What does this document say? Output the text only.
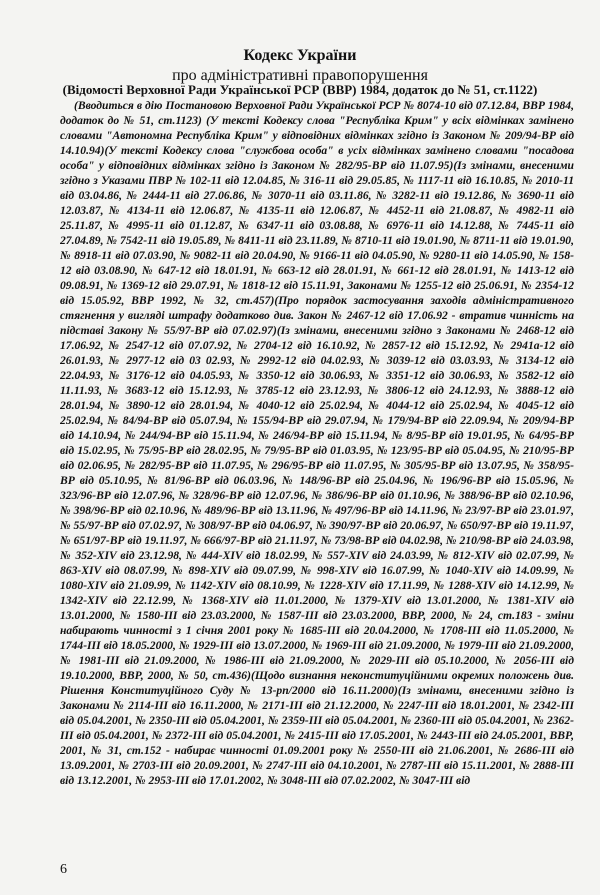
Кодекс України
про адміністративні правопорушення
(Відомості Верховної Ради Української РСР (ВВР) 1984, додаток до № 51, ст.1122)
(Вводиться в дію Постановою Верховної Ради Української РСР № 8074-10 від 07.12.84, ВВР 1984, додаток до № 51, ст.1123) (У тексті Кодексу слова "Республіка Крим" у всіх відмінках замінено словами "Автономна Республіка Крим" у відповідних відмінках згідно із Законом № 209/94-ВР від 14.10.94)(У тексті Кодексу слова "службова особа" в усіх відмінках замінено словами "посадова особа" у відповідних відмінках згідно із Законом № 282/95-ВР від 11.07.95)(Із змінами, внесеними згідно з Указами ПВР № 102-11 від 12.04.85, № 316-11 від 29.05.85, № 1117-11 від 16.10.85, № 2010-11 від 03.04.86, № 2444-11 від 27.06.86, № 3070-11 від 03.11.86, № 3282-11 від 19.12.86, № 3690-11 від 12.03.87, № 4134-11 від 12.06.87, № 4135-11 від 12.06.87, № 4452-11 від 21.08.87, № 4982-11 від 25.11.87, № 4995-11 від 01.12.87, № 6347-11 від 03.08.88, № 6976-11 від 14.12.88, № 7445-11 від 27.04.89, № 7542-11 від 19.05.89, № 8411-11 від 23.11.89, № 8710-11 від 19.01.90, № 8711-11 від 19.01.90, № 8918-11 від 07.03.90, № 9082-11 від 20.04.90, № 9166-11 від 04.05.90, № 9280-11 від 14.05.90, № 158-12 від 03.08.90, № 647-12 від 18.01.91, № 663-12 від 28.01.91, № 661-12 від 28.01.91, № 1413-12 від 09.08.91, № 1369-12 від 29.07.91, № 1818-12 від 15.11.91, Законами № 1255-12 від 25.06.91, № 2354-12 від 15.05.92, ВВР 1992, № 32, ст.457)(Про порядок застосування заходів адміністративного стягнення у вигляді штрафу додатково див. Закон № 2467-12 від 17.06.92 - втратив чинність на підставі Закону № 55/97-ВР від 07.02.97)(Із змінами, внесеними згідно з Законами № 2468-12 від 17.06.92, № 2547-12 від 07.07.92, № 2704-12 від 16.10.92, № 2857-12 від 15.12.92, № 2941а-12 від 26.01.93, № 2977-12 від 03 02.93, № 2992-12 від 04.02.93, № 3039-12 від 03.03.93, № 3134-12 від 22.04.93, № 3176-12 від 04.05.93, № 3350-12 від 30.06.93, № 3351-12 від 30.06.93, № 3582-12 від 11.11.93, № 3683-12 від 15.12.93, № 3785-12 від 23.12.93, № 3806-12 від 24.12.93, № 3888-12 від 28.01.94, № 3890-12 від 28.01.94, № 4040-12 від 25.02.94, № 4044-12 від 25.02.94, № 4045-12 від 25.02.94, № 84/94-ВР від 05.07.94, № 155/94-ВР від 29.07.94, № 179/94-ВР від 22.09.94, № 209/94-ВР від 14.10.94, № 244/94-ВР від 15.11.94, № 246/94-ВР від 15.11.94, № 8/95-ВР від 19.01.95, № 64/95-ВР від 15.02.95, № 75/95-ВР від 28.02.95, № 79/95-ВР від 01.03.95, № 123/95-ВР від 05.04.95, № 210/95-ВР від 02.06.95, № 282/95-ВР від 11.07.95, № 296/95-ВР від 11.07.95, № 305/95-ВР від 13.07.95, № 358/95-ВР від 05.10.95, № 81/96-ВР від 06.03.96, № 148/96-ВР від 25.04.96, № 196/96-ВР від 15.05.96, № 323/96-ВР від 12.07.96, № 328/96-ВР від 12.07.96, № 386/96-ВР від 01.10.96, № 388/96-ВР від 02.10.96, № 398/96-ВР від 02.10.96, № 489/96-ВР від 13.11.96, № 497/96-ВР від 14.11.96, № 23/97-ВР від 23.01.97, № 55/97-ВР від 07.02.97, № 308/97-ВР від 04.06.97, № 390/97-ВР від 20.06.97, № 650/97-ВР від 19.11.97, № 651/97-ВР від 19.11.97, № 666/97-ВР від 21.11.97, № 73/98-ВР від 04.02.98, № 210/98-ВР від 24.03.98, № 352-XIV від 23.12.98, № 444-XIV від 18.02.99, № 557-XIV від 24.03.99, № 812-XIV від 02.07.99, № 863-XIV від 08.07.99, № 898-XIV від 09.07.99, № 998-XIV від 16.07.99, № 1040-XIV від 14.09.99, № 1080-XIV від 21.09.99, № 1142-XIV від 08.10.99, № 1228-XIV від 17.11.99, № 1288-XIV від 14.12.99, № 1342-XIV від 22.12.99, № 1368-XIV від 11.01.2000, № 1379-XIV від 13.01.2000, № 1381-XIV від 13.01.2000, № 1580-III від 23.03.2000, № 1587-III від 23.03.2000, ВВР, 2000, № 24, ст.183 - зміни набирають чинності з 1 січня 2001 року № 1685-III від 20.04.2000, № 1708-III від 11.05.2000, № 1744-III від 18.05.2000, № 1929-III від 13.07.2000, № 1969-III від 21.09.2000, № 1979-III від 21.09.2000, № 1981-III від 21.09.2000, № 1986-III від 21.09.2000, № 2029-III від 05.10.2000, № 2056-III від 19.10.2000, ВВР, 2000, № 50, ст.436)(Щодо визнання неконституційними окремих положень див. Рішення Конституційного Суду № 13-рп/2000 від 16.11.2000)(Із змінами, внесеними згідно із Законами № 2114-III від 16.11.2000, № 2171-III від 21.12.2000, № 2247-III від 18.01.2001, № 2342-III від 05.04.2001, № 2350-III від 05.04.2001, № 2359-III від 05.04.2001, № 2360-III від 05.04.2001, № 2362-III від 05.04.2001, № 2372-III від 05.04.2001, № 2415-III від 17.05.2001, № 2443-III від 24.05.2001, ВВР, 2001, № 31, ст.152 - набирає чинності 01.09.2001 року № 2550-III від 21.06.2001, № 2686-III від 13.09.2001, № 2703-III від 20.09.2001, № 2747-III від 04.10.2001, № 2787-III від 15.11.2001, № 2888-III від 13.12.2001, № 2953-III від 17.01.2002, № 3048-III від 07.02.2002, № 3047-III від
6
